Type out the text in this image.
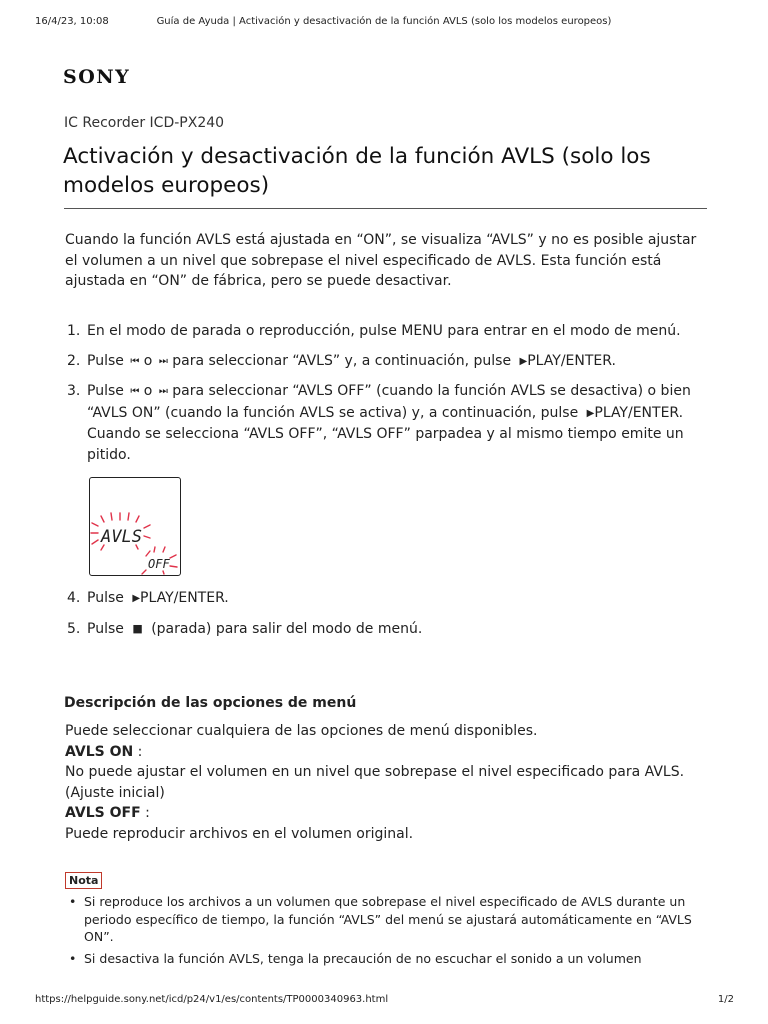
16/4/23, 10:08	Guía de Ayuda | Activación y desactivación de la función AVLS (solo los modelos europeos)
SONY
IC Recorder ICD-PX240
Activación y desactivación de la función AVLS (solo los modelos europeos)

Cuando la función AVLS está ajustada en “ON”, se visualiza “AVLS” y no es posible ajustar el volumen a un nivel que sobrepase el nivel especificado de AVLS. Esta función está ajustada en “ON” de fábrica, pero se puede desactivar.

1. En el modo de parada o reproducción, pulse MENU para entrar en el modo de menú.
2. Pulse ⏮ o ⏭ para seleccionar “AVLS” y, a continuación, pulse ▶PLAY/ENTER.
3. Pulse ⏮ o ⏭ para seleccionar “AVLS OFF” (cuando la función AVLS se desactiva) o bien “AVLS ON” (cuando la función AVLS se activa) y, a continuación, pulse ▶PLAY/ENTER.
Cuando se selecciona “AVLS OFF”, “AVLS OFF” parpadea y al mismo tiempo emite un pitido.
AVLS
OFF
4. Pulse ▶PLAY/ENTER.
5. Pulse ■ (parada) para salir del modo de menú.
Descripción de las opciones de menú
Puede seleccionar cualquiera de las opciones de menú disponibles.
AVLS ON :
No puede ajustar el volumen en un nivel que sobrepase el nivel especificado para AVLS.
(Ajuste inicial)
AVLS OFF :
Puede reproducir archivos en el volumen original.
Nota
• Si reproduce los archivos a un volumen que sobrepase el nivel especificado de AVLS durante un periodo específico de tiempo, la función “AVLS” del menú se ajustará automáticamente en “AVLS ON”.
• Si desactiva la función AVLS, tenga la precaución de no escuchar el sonido a un volumen
https://helpguide.sony.net/icd/p24/v1/es/contents/TP0000340963.html	1/2
